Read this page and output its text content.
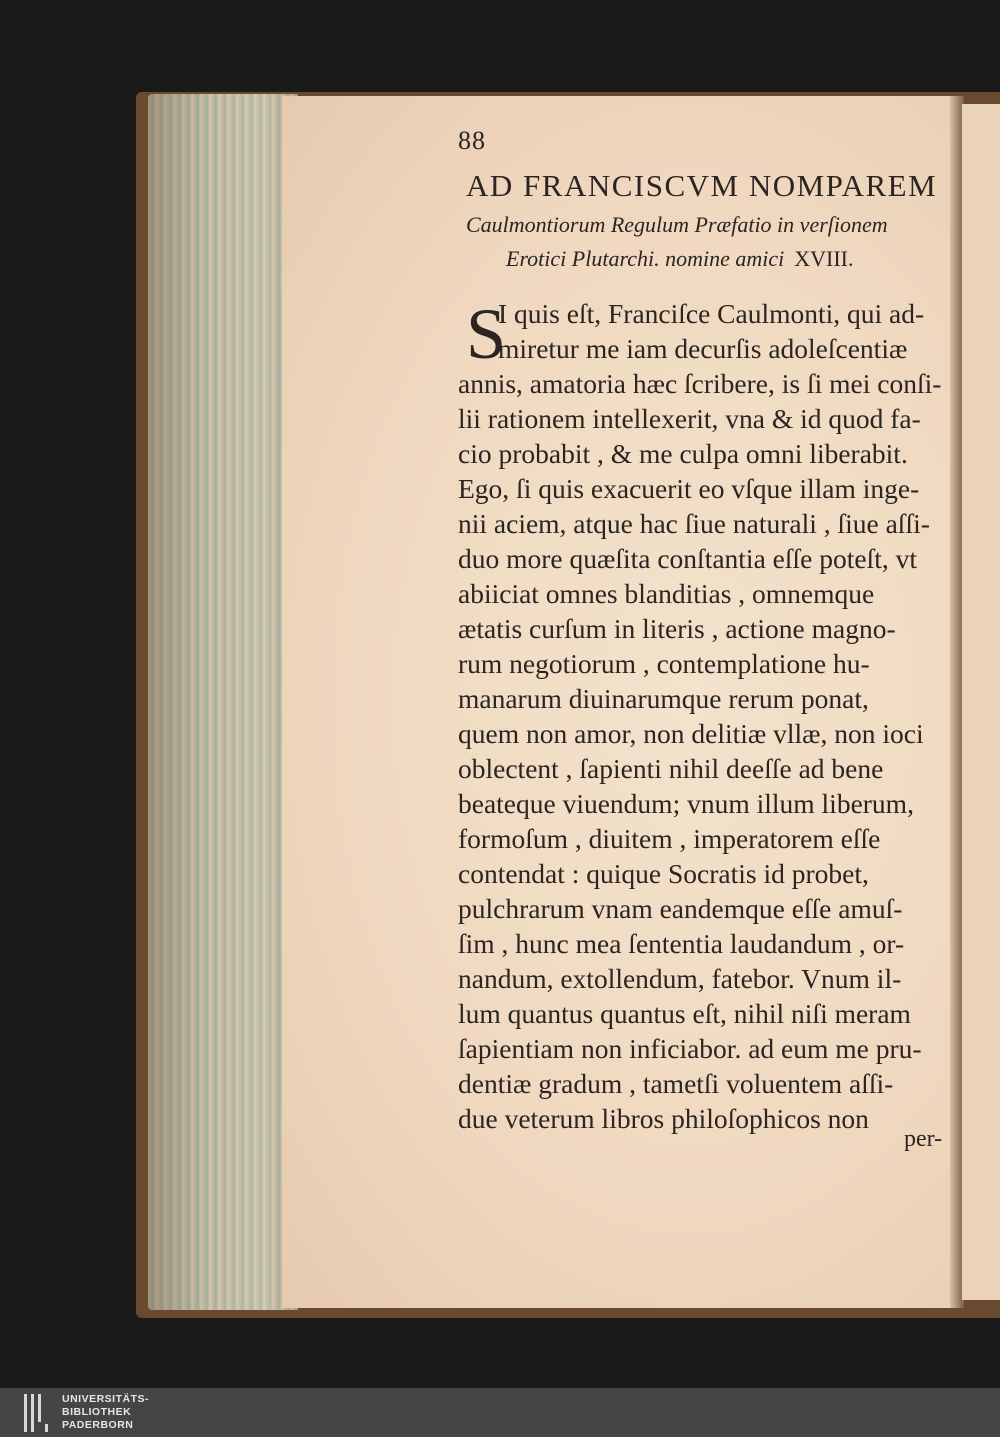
88
AD FRANCISCVM NOMPAREM
Caulmontiorum Regulum Præfatio in verſionem
Erotici Plutarchi. nomine amici XVIII.
S
I quis eſt, Franciſce Caulmonti, qui ad-
miretur me iam decurſis adoleſcentiæ
annis, amatoria hæc ſcribere, is ſi mei conſi-
lii rationem intellexerit, vna & id quod fa-
cio probabit , & me culpa omni liberabit.
Ego, ſi quis exacuerit eo vſque illam inge-
nii aciem, atque hac ſiue naturali , ſiue aſſi-
duo more quæſita conſtantia eſſe poteſt, vt
abiiciat omnes blanditias , omnemque
ætatis curſum in literis , actione magno-
rum negotiorum , contemplatione hu-
manarum diuinarumque rerum ponat,
quem non amor, non delitiæ vllæ, non ioci
oblectent , ſapienti nihil deeſſe ad bene
beateque viuendum; vnum illum liberum,
formoſum , diuitem , imperatorem eſſe
contendat : quique Socratis id probet,
pulchrarum vnam eandemque eſſe amuſ-
ſim , hunc mea ſententia laudandum , or-
nandum, extollendum, fatebor. Vnum il-
lum quantus quantus eſt, nihil niſi meram
ſapientiam non inficiabor. ad eum me pru-
dentiæ gradum , tametſi voluentem aſſi-
due veterum libros philoſophicos non
per-
UNIVERSITÄTS-
BIBLIOTHEK
PADERBORN
